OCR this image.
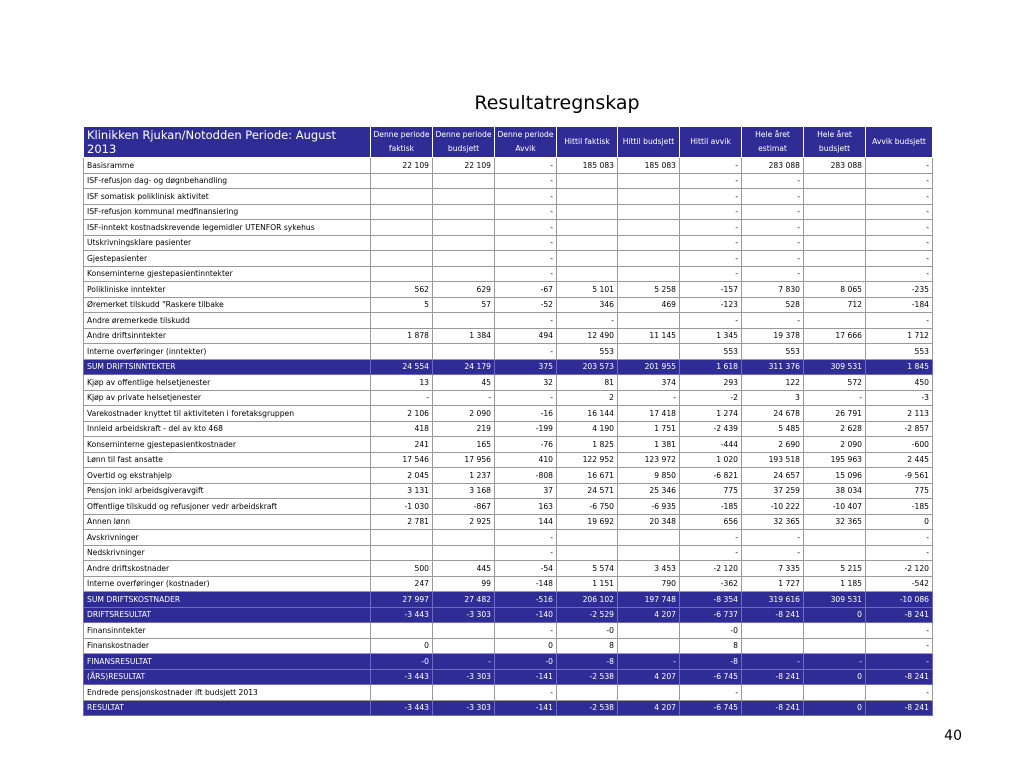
Resultatregnskap
Klinikken Rjukan/Notodden Periode: August 2013	Denne periode faktisk	Denne periode budsjett	Denne periode Avvik	Hittil faktisk	Hittil budsjett	Hittil avvik	Hele året estimat	Hele året budsjett	Avvik budsjett
Basisramme	22 109	22 109	-	185 083	185 083	-	283 088	283 088	-
ISF-refusjon dag- og døgnbehandling			-			-	-		-
ISF somatisk poliklinisk aktivitet			-			-	-		-
ISF-refusjon kommunal medfinansiering			-			-	-		-
ISF-inntekt kostnadskrevende legemidler UTENFOR sykehus			-			-	-		-
Utskrivningsklare pasienter			-			-	-		-
Gjestepasienter			-			-	-		-
Konserninterne gjestepasientinntekter			-			-	-		-
Polikliniske inntekter	562	629	-67	5 101	5 258	-157	7 830	8 065	-235
Øremerket tilskudd "Raskere tilbake	5	57	-52	346	469	-123	528	712	-184
Andre øremerkede tilskudd			-	-		-	-		-
Andre driftsinntekter	1 878	1 384	494	12 490	11 145	1 345	19 378	17 666	1 712
Interne overføringer (inntekter)			-	553		553	553		553
SUM DRIFTSINNTEKTER	24 554	24 179	375	203 573	201 955	1 618	311 376	309 531	1 845
Kjøp av offentlige helsetjenester	13	45	32	81	374	293	122	572	450
Kjøp av private helsetjenester	-	-	-	2	-	-2	3	-	-3
Varekostnader knyttet til aktiviteten i foretaksgruppen	2 106	2 090	-16	16 144	17 418	1 274	24 678	26 791	2 113
Innleid arbeidskraft - del av kto 468	418	219	-199	4 190	1 751	-2 439	5 485	2 628	-2 857
Konserninterne gjestepasientkostnader	241	165	-76	1 825	1 381	-444	2 690	2 090	-600
Lønn til fast ansatte	17 546	17 956	410	122 952	123 972	1 020	193 518	195 963	2 445
Overtid og ekstrahjelp	2 045	1 237	-808	16 671	9 850	-6 821	24 657	15 096	-9 561
Pensjon inkl arbeidsgiveravgift	3 131	3 168	37	24 571	25 346	775	37 259	38 034	775
Offentlige tilskudd og refusjoner vedr arbeidskraft	-1 030	-867	163	-6 750	-6 935	-185	-10 222	-10 407	-185
Annen lønn	2 781	2 925	144	19 692	20 348	656	32 365	32 365	0
Avskrivninger			-			-	-		-
Nedskrivninger			-			-	-		-
Andre driftskostnader	500	445	-54	5 574	3 453	-2 120	7 335	5 215	-2 120
Interne overføringer (kostnader)	247	99	-148	1 151	790	-362	1 727	1 185	-542
SUM DRIFTSKOSTNADER	27 997	27 482	-516	206 102	197 748	-8 354	319 616	309 531	-10 086
DRIFTSRESULTAT	-3 443	-3 303	-140	-2 529	4 207	-6 737	-8 241	0	-8 241
Finansinntekter			-	-0		-0			-
Finanskostnader	0		0	8		8			-
FINANSRESULTAT	-0	-	-0	-8	-	-8	-	-	-
(ÅRS)RESULTAT	-3 443	-3 303	-141	-2 538	4 207	-6 745	-8 241	0	-8 241
Endrede pensjonskostnader ift budsjett 2013			-			-			-
RESULTAT	-3 443	-3 303	-141	-2 538	4 207	-6 745	-8 241	0	-8 241
40
